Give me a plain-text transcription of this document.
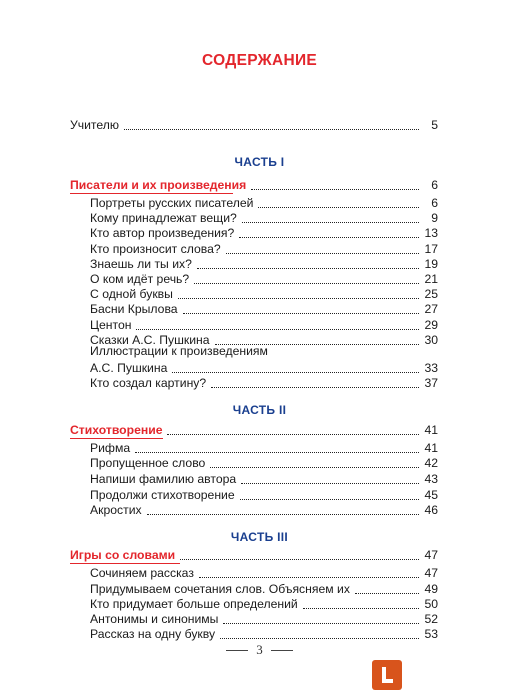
СОДЕРЖАНИЕ
Учителю	5
ЧАСТЬ I
Писатели и их произведения	6
Портреты русских писателей	6
Кому принадлежат вещи?	9
Кто автор произведения?	13
Кто произносит слова?	17
Знаешь ли ты их?	19
О ком идёт речь?	21
С одной буквы	25
Басни Крылова	27
Центон	29
Сказки А.С. Пушкина	30
Иллюстрации к произведениям
А.С. Пушкина	33
Кто создал картину?	37
ЧАСТЬ II
Стихотворение	41
Рифма	41
Пропущенное слово	42
Напиши фамилию автора	43
Продолжи стихотворение	45
Акростих	46
ЧАСТЬ III
Игры со словами	47
Сочиняем рассказ	47
Придумываем сочетания слов. Объясняем их	49
Кто придумает больше определений	50
Антонимы и синонимы	52
Рассказ на одну букву	53
3
